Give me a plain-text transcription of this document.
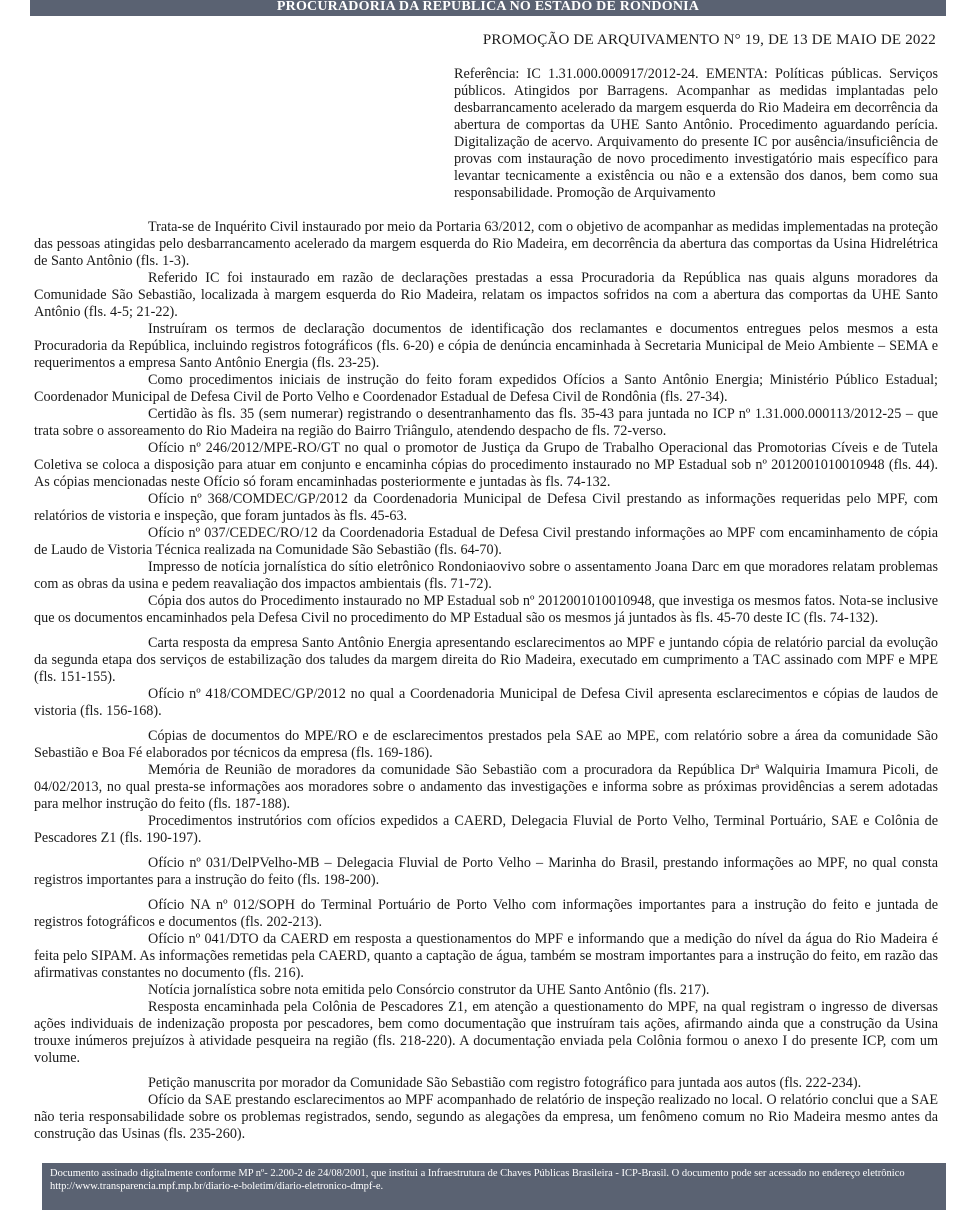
PROCURADORIA DA REPÚBLICA NO ESTADO DE RONDÔNIA
PROMOÇÃO DE ARQUIVAMENTO N° 19, DE 13 DE MAIO DE 2022
Referência: IC 1.31.000.000917/2012-24. EMENTA: Políticas públicas. Serviços públicos. Atingidos por Barragens. Acompanhar as medidas implantadas pelo desbarrancamento acelerado da margem esquerda do Rio Madeira em decorrência da abertura de comportas da UHE Santo Antônio. Procedimento aguardando perícia. Digitalização de acervo. Arquivamento do presente IC por ausência/insuficiência de provas com instauração de novo procedimento investigatório mais específico para levantar tecnicamente a existência ou não e a extensão dos danos, bem como sua responsabilidade. Promoção de Arquivamento

Trata-se de Inquérito Civil instaurado por meio da Portaria 63/2012, com o objetivo de acompanhar as medidas implementadas na proteção das pessoas atingidas pelo desbarrancamento acelerado da margem esquerda do Rio Madeira, em decorrência da abertura das comportas da Usina Hidrelétrica de Santo Antônio (fls. 1-3).

Referido IC foi instaurado em razão de declarações prestadas a essa Procuradoria da República nas quais alguns moradores da Comunidade São Sebastião, localizada à margem esquerda do Rio Madeira, relatam os impactos sofridos na com a abertura das comportas da UHE Santo Antônio (fls. 4-5; 21-22).

Instruíram os termos de declaração documentos de identificação dos reclamantes e documentos entregues pelos mesmos a esta Procuradoria da República, incluindo registros fotográficos (fls. 6-20) e cópia de denúncia encaminhada à Secretaria Municipal de Meio Ambiente – SEMA e requerimentos a empresa Santo Antônio Energia (fls. 23-25).

Como procedimentos iniciais de instrução do feito foram expedidos Ofícios a Santo Antônio Energia; Ministério Público Estadual; Coordenador Municipal de Defesa Civil de Porto Velho e Coordenador Estadual de Defesa Civil de Rondônia (fls. 27-34).

Certidão às fls. 35 (sem numerar) registrando o desentranhamento das fls. 35-43 para juntada no ICP nº 1.31.000.000113/2012-25 – que trata sobre o assoreamento do Rio Madeira na região do Bairro Triângulo, atendendo despacho de fls. 72-verso.

Ofício nº 246/2012/MPE-RO/GT no qual o promotor de Justiça da Grupo de Trabalho Operacional das Promotorias Cíveis e de Tutela Coletiva se coloca a disposição para atuar em conjunto e encaminha cópias do procedimento instaurado no MP Estadual sob nº 2012001010010948 (fls. 44). As cópias mencionadas neste Ofício só foram encaminhadas posteriormente e juntadas às fls. 74-132.

Ofício nº 368/COMDEC/GP/2012 da Coordenadoria Municipal de Defesa Civil prestando as informações requeridas pelo MPF, com relatórios de vistoria e inspeção, que foram juntados às fls. 45-63.

Ofício nº 037/CEDEC/RO/12 da Coordenadoria Estadual de Defesa Civil prestando informações ao MPF com encaminhamento de cópia de Laudo de Vistoria Técnica realizada na Comunidade São Sebastião (fls. 64-70).

Impresso de notícia jornalística do sítio eletrônico Rondoniaovivo sobre o assentamento Joana Darc em que moradores relatam problemas com as obras da usina e pedem reavaliação dos impactos ambientais (fls. 71-72).

Cópia dos autos do Procedimento instaurado no MP Estadual sob nº 2012001010010948, que investiga os mesmos fatos. Nota-se inclusive que os documentos encaminhados pela Defesa Civil no procedimento do MP Estadual são os mesmos já juntados às fls. 45-70 deste IC (fls. 74-132).

Carta resposta da empresa Santo Antônio Energia apresentando esclarecimentos ao MPF e juntando cópia de relatório parcial da evolução da segunda etapa dos serviços de estabilização dos taludes da margem direita do Rio Madeira, executado em cumprimento a TAC assinado com MPF e MPE (fls. 151-155).

Ofício nº 418/COMDEC/GP/2012 no qual a Coordenadoria Municipal de Defesa Civil apresenta esclarecimentos e cópias de laudos de vistoria (fls. 156-168).

Cópias de documentos do MPE/RO e de esclarecimentos prestados pela SAE ao MPE, com relatório sobre a área da comunidade São Sebastião e Boa Fé elaborados por técnicos da empresa (fls. 169-186).

Memória de Reunião de moradores da comunidade São Sebastião com a procuradora da República Drª Walquiria Imamura Picoli, de 04/02/2013, no qual presta-se informações aos moradores sobre o andamento das investigações e informa sobre as próximas providências a serem adotadas para melhor instrução do feito (fls. 187-188).

Procedimentos instrutórios com ofícios expedidos a CAERD, Delegacia Fluvial de Porto Velho, Terminal Portuário, SAE e Colônia de Pescadores Z1 (fls. 190-197).

Ofício nº 031/DelPVelho-MB – Delegacia Fluvial de Porto Velho – Marinha do Brasil, prestando informações ao MPF, no qual consta registros importantes para a instrução do feito (fls. 198-200).

Ofício NA nº 012/SOPH do Terminal Portuário de Porto Velho com informações importantes para a instrução do feito e juntada de registros fotográficos e documentos (fls. 202-213).

Ofício nº 041/DTO da CAERD em resposta a questionamentos do MPF e informando que a medição do nível da água do Rio Madeira é feita pelo SIPAM. As informações remetidas pela CAERD, quanto a captação de água, também se mostram importantes para a instrução do feito, em razão das afirmativas constantes no documento (fls. 216).

Notícia jornalística sobre nota emitida pelo Consórcio construtor da UHE Santo Antônio (fls. 217).

Resposta encaminhada pela Colônia de Pescadores Z1, em atenção a questionamento do MPF, na qual registram o ingresso de diversas ações individuais de indenização proposta por pescadores, bem como documentação que instruíram tais ações, afirmando ainda que a construção da Usina trouxe inúmeros prejuízos à atividade pesqueira na região (fls. 218-220). A documentação enviada pela Colônia formou o anexo I do presente ICP, com um volume.

Petição manuscrita por morador da Comunidade São Sebastião com registro fotográfico para juntada aos autos (fls. 222-234).

Ofício da SAE prestando esclarecimentos ao MPF acompanhado de relatório de inspeção realizado no local. O relatório conclui que a SAE não teria responsabilidade sobre os problemas registrados, sendo, segundo as alegações da empresa, um fenômeno comum no Rio Madeira mesmo antes da construção das Usinas (fls. 235-260).

Documento assinado digitalmente conforme MP nº- 2.200-2 de 24/08/2001, que institui a Infraestrutura de Chaves Públicas Brasileira - ICP-Brasil. O documento pode ser acessado no endereço eletrônico http://www.transparencia.mpf.mp.br/diario-e-boletim/diario-eletronico-dmpf-e.
